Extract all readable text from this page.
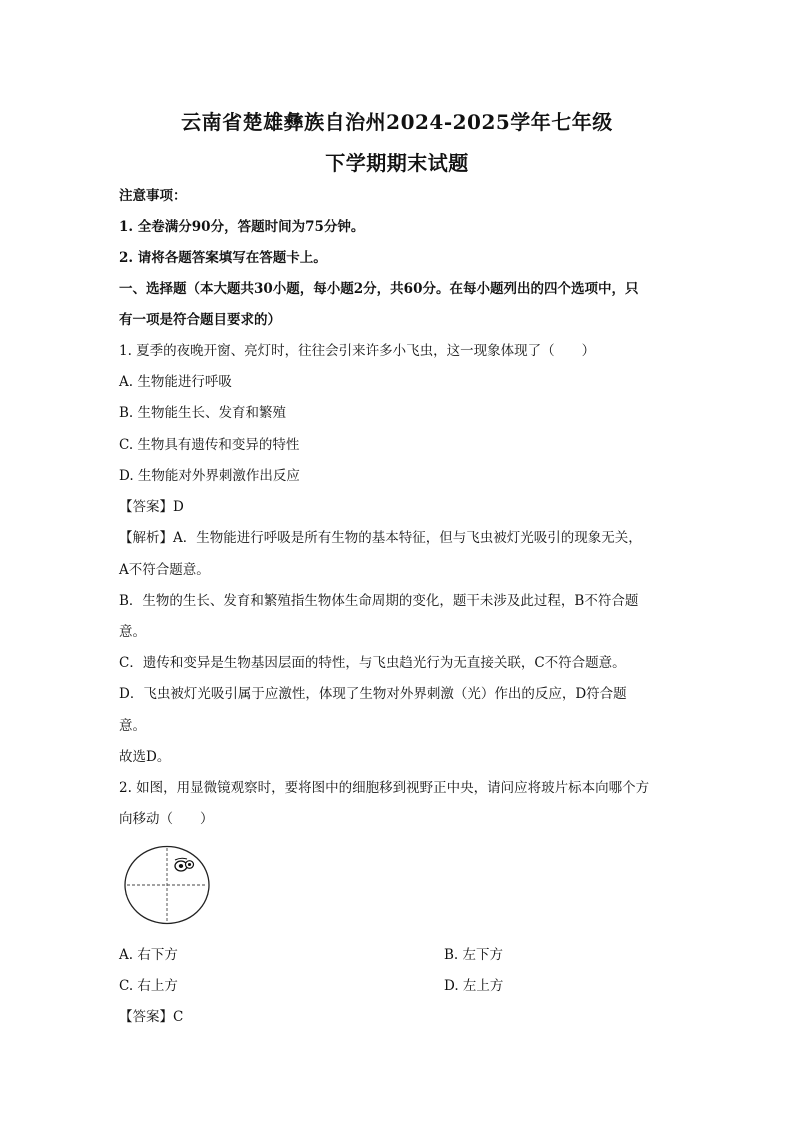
云南省楚雄彝族自治州2024-2025学年七年级
下学期期末试题
注意事项：
1. 全卷满分90分，答题时间为75分钟。
2. 请将各题答案填写在答题卡上。
一、选择题（本大题共30小题，每小题2分，共60分。在每小题列出的四个选项中，只
有一项是符合题目要求的）
1. 夏季的夜晚开窗、亮灯时，往往会引来许多小飞虫，这一现象体现了（　　）
A. 生物能进行呼吸
B. 生物能生长、发育和繁殖
C. 生物具有遗传和变异的特性
D. 生物能对外界刺激作出反应
【答案】D
【解析】A．生物能进行呼吸是所有生物的基本特征，但与飞虫被灯光吸引的现象无关，
A不符合题意。
B．生物的生长、发育和繁殖指生物体生命周期的变化，题干未涉及此过程，B不符合题
意。
C．遗传和变异是生物基因层面的特性，与飞虫趋光行为无直接关联，C不符合题意。
D．飞虫被灯光吸引属于应激性，体现了生物对外界刺激（光）作出的反应，D符合题
意。
故选D。
2. 如图，用显微镜观察时，要将图中的细胞移到视野正中央，请问应将玻片标本向哪个方
向移动（　　）
A. 右下方	B. 左下方
C. 右上方	D. 左上方
【答案】C
